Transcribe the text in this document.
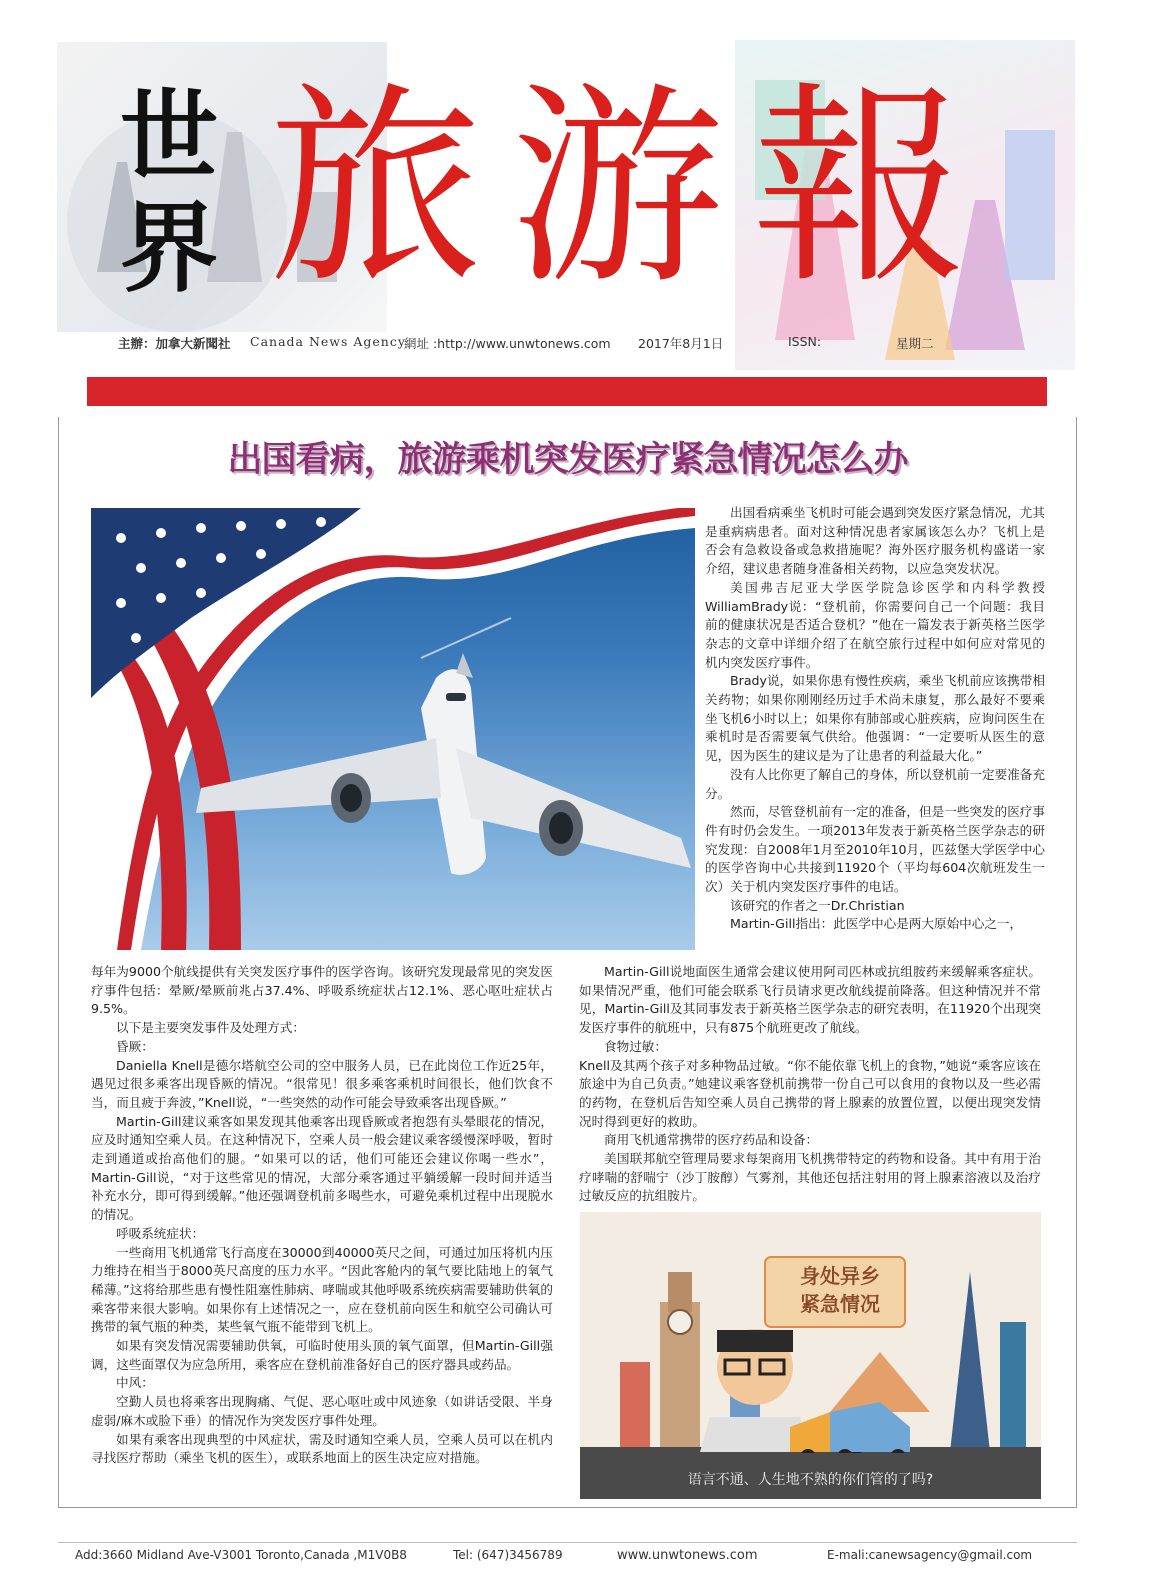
世
界 旅游報
主辦：加拿大新聞社 Canada News Agency
網址 :http://www.unwtonews.com 2017年8月1日	ISSN:	星期二
出国看病，旅游乘机突发医疗紧急情况怎么办

出国看病乘坐飞机时可能会遇到突发医疗紧急情况，尤其是重病病患者。面对这种情况患者家属该怎么办？飞机上是否会有急救设备或急救措施呢？海外医疗服务机构盛诺一家介绍，建议患者随身准备相关药物，以应急突发状况。

美国弗吉尼亚大学医学院急诊医学和内科学教授WilliamBrady说：“登机前，你需要问自己一个问题：我目前的健康状况是否适合登机？”他在一篇发表于新英格兰医学杂志的文章中详细介绍了在航空旅行过程中如何应对常见的机内突发医疗事件。

Brady说，如果你患有慢性疾病，乘坐飞机前应该携带相关药物；如果你刚刚经历过手术尚未康复，那么最好不要乘坐飞机6小时以上；如果你有肺部或心脏疾病，应询问医生在乘机时是否需要氧气供给。他强调：“一定要听从医生的意见，因为医生的建议是为了让患者的利益最大化。”

没有人比你更了解自己的身体，所以登机前一定要准备充分。

然而，尽管登机前有一定的准备，但是一些突发的医疗事件有时仍会发生。一项2013年发表于新英格兰医学杂志的研究发现：自2008年1月至2010年10月，匹兹堡大学医学中心的医学咨询中心共接到11920个（平均每604次航班发生一次）关于机内突发医疗事件的电话。

该研究的作者之一Dr.Christian

Martin-Gill指出：此医学中心是两大原始中心之一，

每年为9000个航线提供有关突发医疗事件的医学咨询。该研究发现最常见的突发医疗事件包括：晕厥/晕厥前兆占37.4%、呼吸系统症状占12.1%、恶心呕吐症状占9.5%。

以下是主要突发事件及处理方式：

昏厥：

Daniella Knell是德尔塔航空公司的空中服务人员，已在此岗位工作近25年，遇见过很多乘客出现昏厥的情况。“很常见！很多乘客乘机时间很长，他们饮食不当，而且疲于奔波，”Knell说，“一些突然的动作可能会导致乘客出现昏厥。”

Martin-Gill建议乘客如果发现其他乘客出现昏厥或者抱怨有头晕眼花的情况，应及时通知空乘人员。在这种情况下，空乘人员一般会建议乘客缓慢深呼吸，暂时走到通道或抬高他们的腿。“如果可以的话，他们可能还会建议你喝一些水”，Martin-Gill说，“对于这些常见的情况，大部分乘客通过平躺缓解一段时间并适当补充水分，即可得到缓解。”他还强调登机前多喝些水，可避免乘机过程中出现脱水的情况。

呼吸系统症状：

一些商用飞机通常飞行高度在30000到40000英尺之间，可通过加压将机内压力维持在相当于8000英尺高度的压力水平。“因此客舱内的氧气要比陆地上的氧气稀薄。”这将给那些患有慢性阻塞性肺病、哮喘或其他呼吸系统疾病需要辅助供氧的乘客带来很大影响。如果你有上述情况之一，应在登机前向医生和航空公司确认可携带的氧气瓶的种类，某些氧气瓶不能带到飞机上。

如果有突发情况需要辅助供氧，可临时使用头顶的氧气面罩，但Martin-Gill强调，这些面罩仅为应急所用，乘客应在登机前准备好自己的医疗器具或药品。

中风：

空勤人员也将乘客出现胸痛、气促、恶心呕吐或中风迹象（如讲话受限、半身虚弱/麻木或脸下垂）的情况作为突发医疗事件处理。

如果有乘客出现典型的中风症状，需及时通知空乘人员，空乘人员可以在机内寻找医疗帮助（乘坐飞机的医生），或联系地面上的医生决定应对措施。

Martin-Gill说地面医生通常会建议使用阿司匹林或抗组胺药来缓解乘客症状。如果情况严重，他们可能会联系飞行员请求更改航线提前降落。但这种情况并不常见，Martin-Gill及其同事发表于新英格兰医学杂志的研究表明，在11920个出现突发医疗事件的航班中，只有875个航班更改了航线。

食物过敏：

Knell及其两个孩子对多种物品过敏。“你不能依靠飞机上的食物，”她说“乘客应该在旅途中为自己负责。”她建议乘客登机前携带一份自己可以食用的食物以及一些必需的药物，在登机后告知空乘人员自己携带的肾上腺素的放置位置，以便出现突发情况时得到更好的救助。

商用飞机通常携带的医疗药品和设备：

美国联邦航空管理局要求每架商用飞机携带特定的药物和设备。其中有用于治疗哮喘的舒喘宁（沙丁胺醇）气雾剂，其他还包括注射用的肾上腺素溶液以及治疗过敏反应的抗组胺片。

语言不通、人生地不熟的你们管的了吗?
身处异乡
紧急情况
Add:3660 Midland Ave-V3001 Toronto,Canada ,M1V0B8	Tel: (647)3456789	www.unwtonews.com	E-mali:canewsagency@gmail.com
